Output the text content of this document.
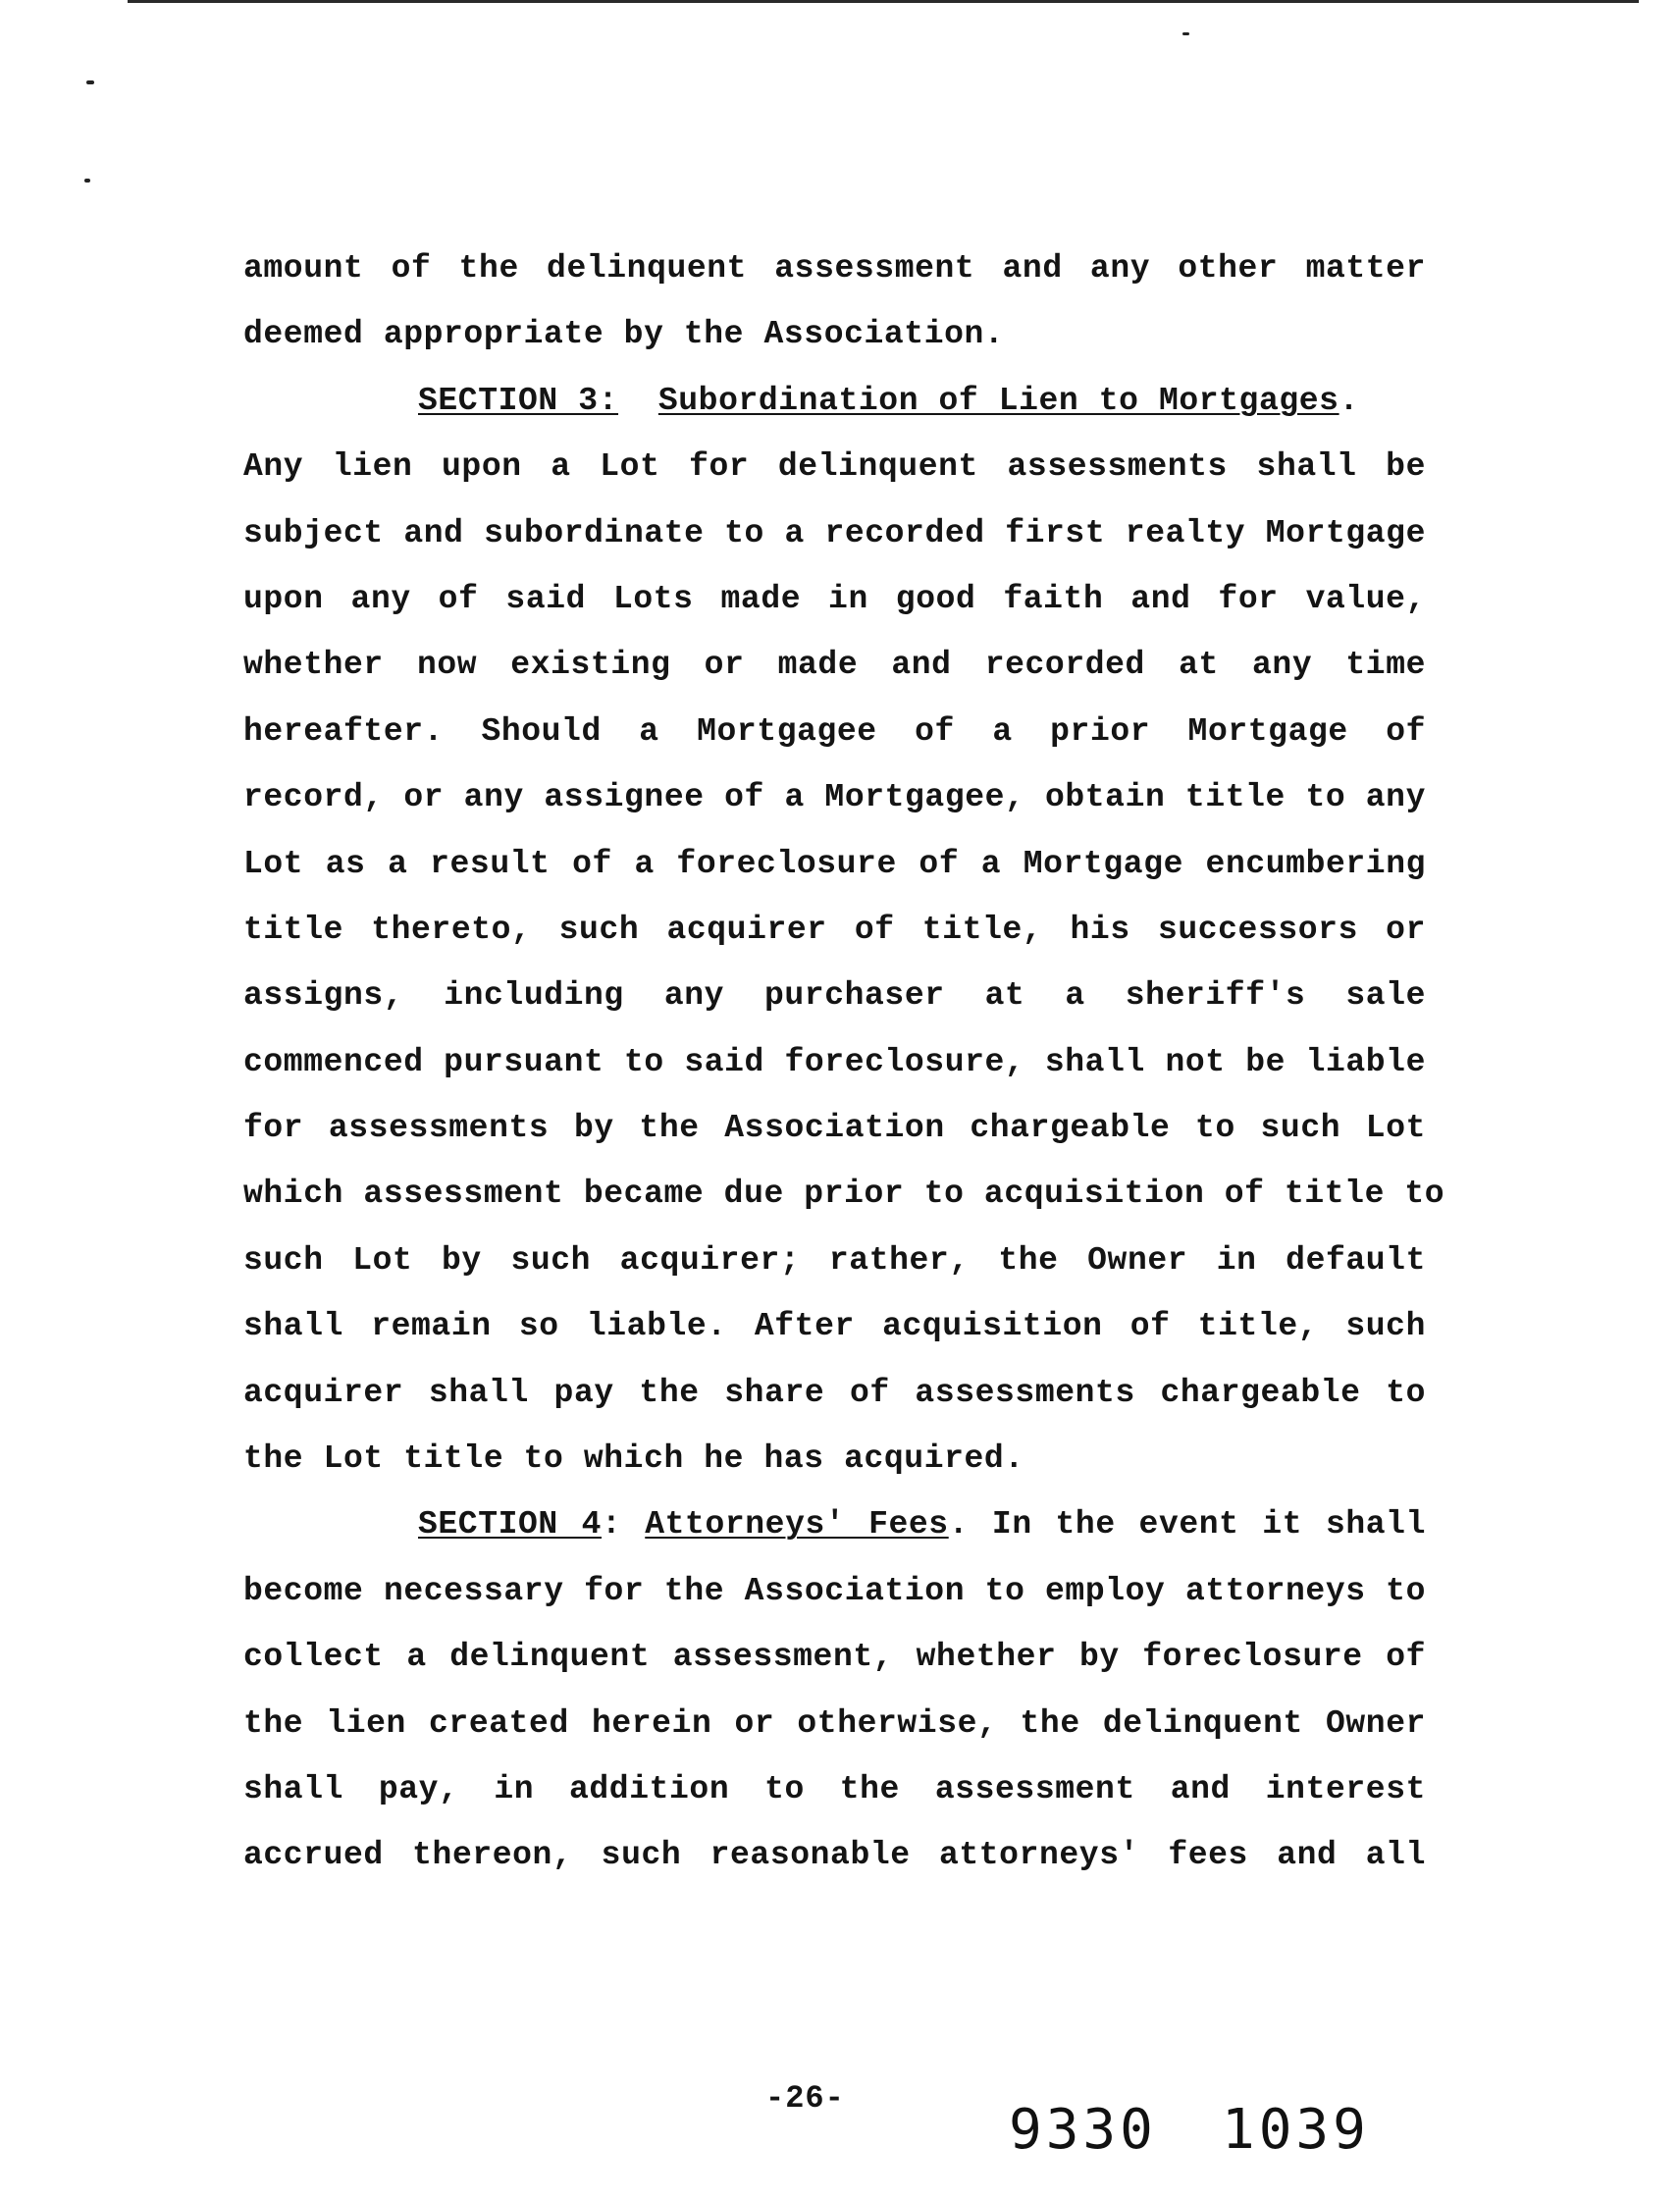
amount of the delinquent assessment and any other matter
deemed appropriate by the Association.
SECTION 3: Subordination of Lien to Mortgages.
Any lien upon a Lot for delinquent assessments shall be
subject and subordinate to a recorded first realty Mortgage
upon any of said Lots made in good faith and for value,
whether now existing or made and recorded at any time
hereafter. Should a Mortgagee of a prior Mortgage of
record, or any assignee of a Mortgagee, obtain title to any
Lot as a result of a foreclosure of a Mortgage encumbering
title thereto, such acquirer of title, his successors or
assigns, including any purchaser at a sheriff's sale
commenced pursuant to said foreclosure, shall not be liable
for assessments by the Association chargeable to such Lot
which assessment became due prior to acquisition of title to
such Lot by such acquirer; rather, the Owner in default
shall remain so liable. After acquisition of title, such
acquirer shall pay the share of assessments chargeable to
the Lot title to which he has acquired.
SECTION 4: Attorneys' Fees. In the event it shall
become necessary for the Association to employ attorneys to
collect a delinquent assessment, whether by foreclosure of
the lien created herein or otherwise, the delinquent Owner
shall pay, in addition to the assessment and interest
accrued thereon, such reasonable attorneys' fees and all
-26-	9330 1039
